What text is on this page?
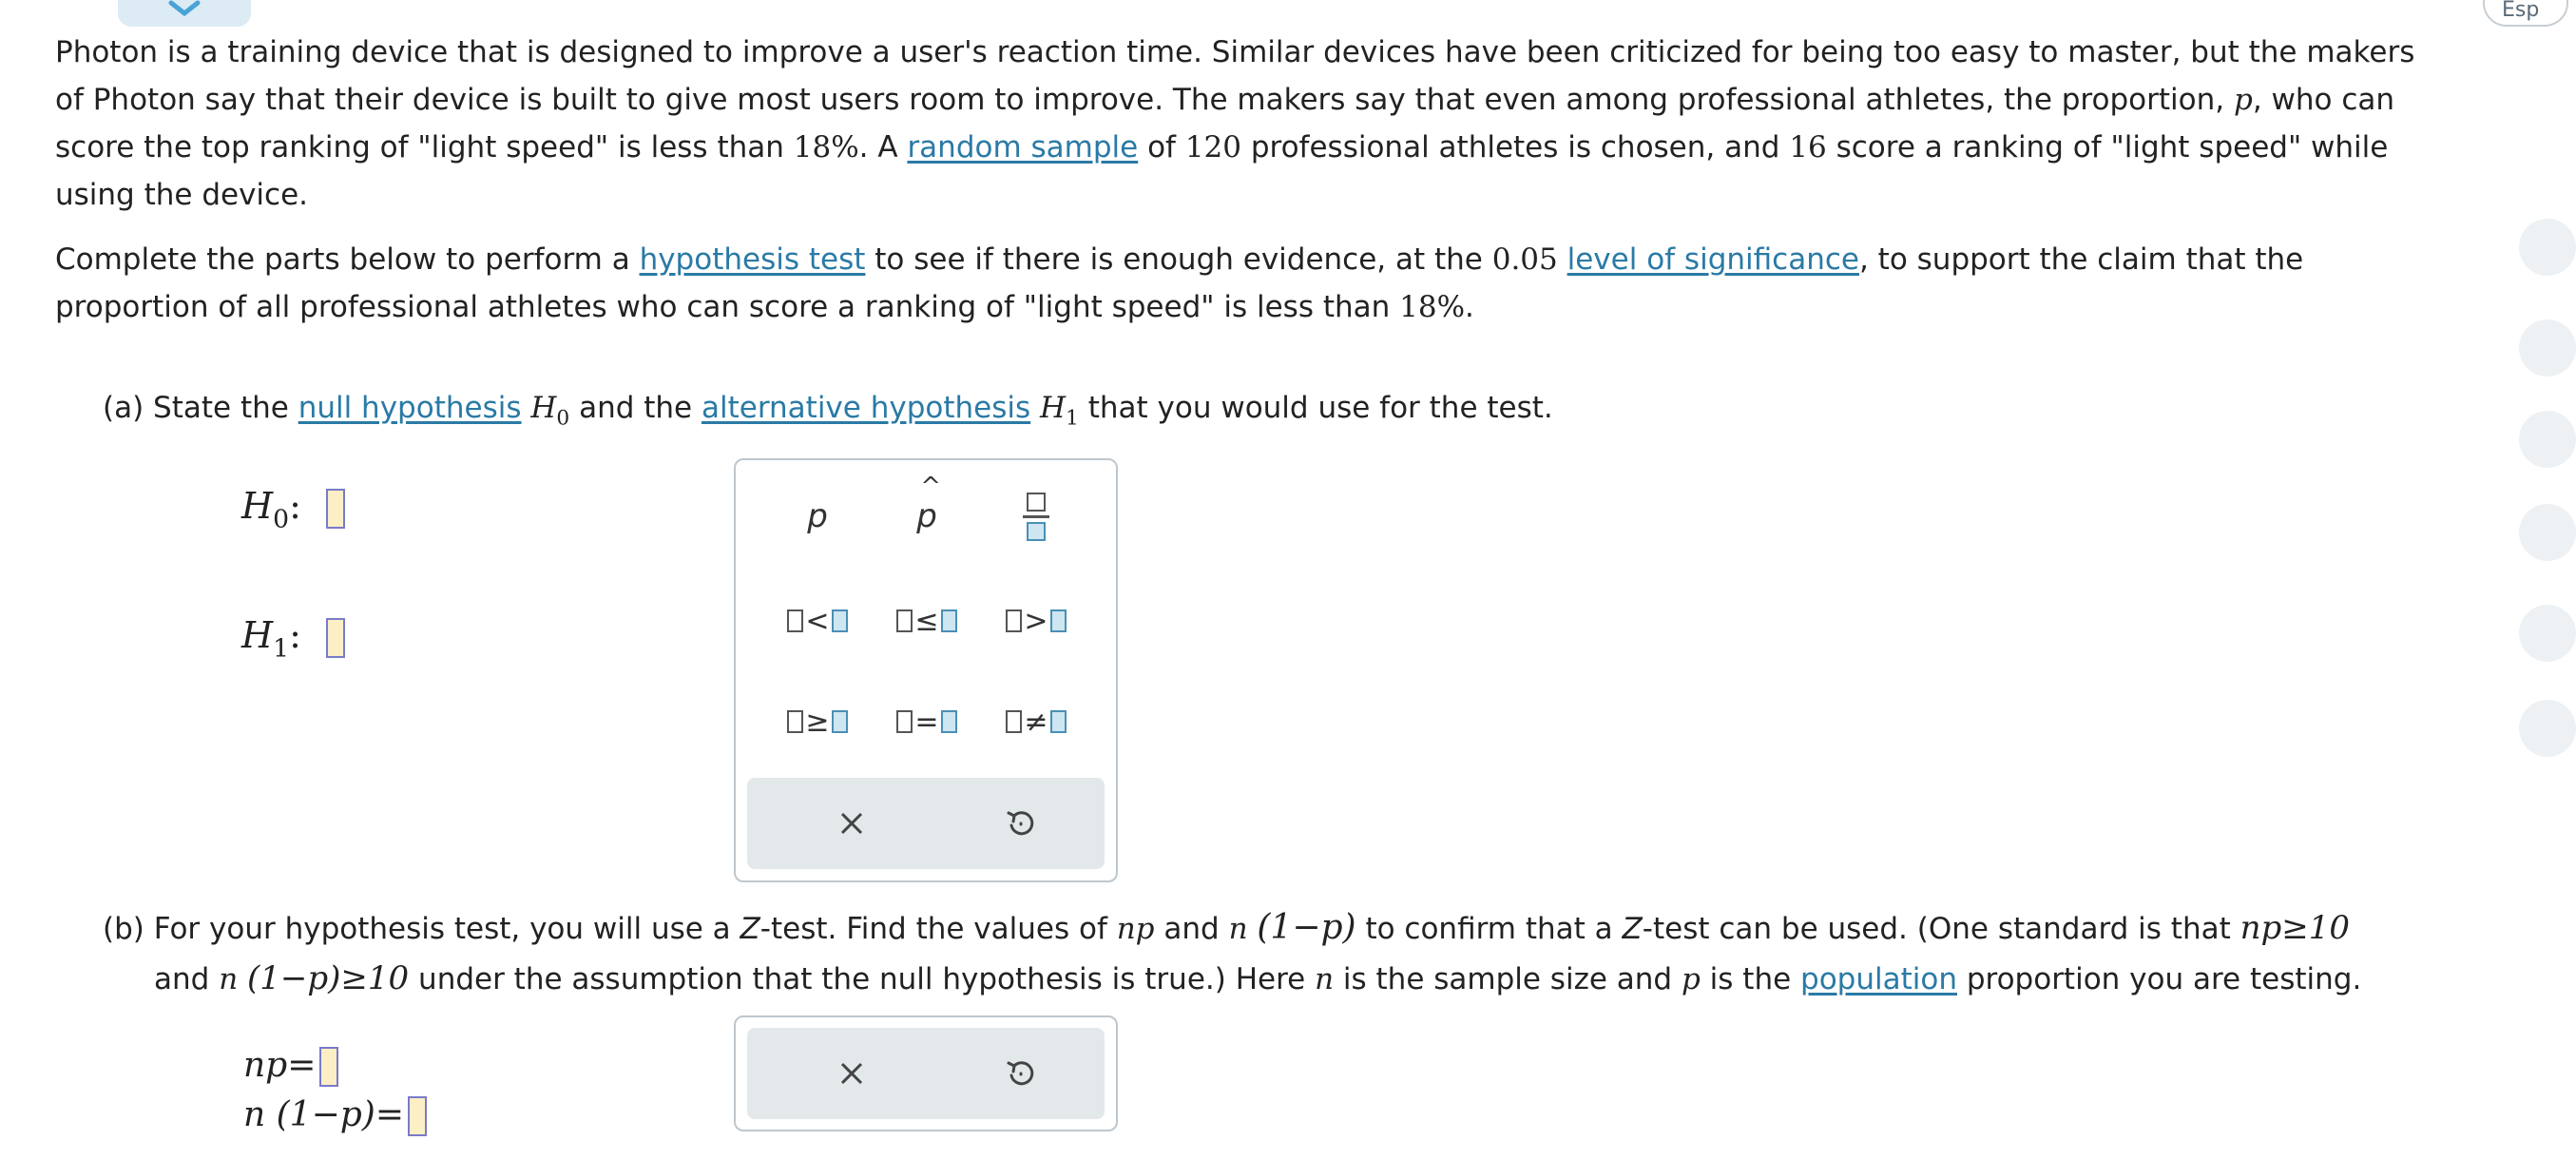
Esp
Photon is a training device that is designed to improve a user's reaction time. Similar devices have been criticized for being too easy to master, but the makers of Photon say that their device is built to give most users room to improve. The makers say that even among professional athletes, the proportion, p, who can score the top ranking of "light speed" is less than 18%. A random sample of 120 professional athletes is chosen, and 16 score a ranking of "light speed" while using the device.
Complete the parts below to perform a hypothesis test to see if there is enough evidence, at the 0.05 level of significance, to support the claim that the proportion of all professional athletes who can score a ranking of "light speed" is less than 18%.
(a) State the null hypothesis $H_0$ and the alternative hypothesis $H_1$ that you would use for the test.
$H_0$:
$H_1$:
p
^
p
<	≤	>
≥	=	≠
(b) For your hypothesis test, you will use a Z-test. Find the values of np and n (1−p) to confirm that a Z-test can be used. (One standard is that np≥10
and n (1−p)≥10 under the assumption that the null hypothesis is true.) Here n is the sample size and p is the population proportion you are testing.
np=
n (1−p)=
